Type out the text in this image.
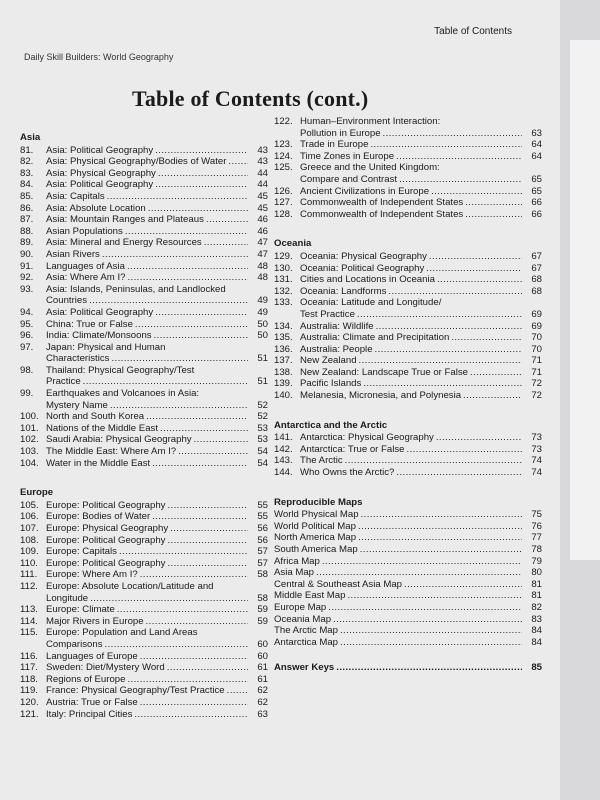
Table of Contents
Daily Skill Builders: World Geography
Table of Contents (cont.)
Asia
81.	Asia: Political Geography .....	43
82.	Asia: Physical Geography/Bodies of Water .....	43
83.	Asia: Physical Geography .....	44
84.	Asia: Political Geography .....	44
85.	Asia: Capitals .....	45
86.	Asia: Absolute Location .....	45
87.	Asia: Mountain Ranges and Plateaus .....	46
88.	Asian Populations .....	46
89.	Asia: Mineral and Energy Resources .....	47
90.	Asian Rivers .....	47
91.	Languages of Asia .....	48
92.	Asia: Where Am I? .....	48
93.	Asia: Islands, Peninsulas, and Landlocked
Countries .....	49
94.	Asia: Political Geography .....	49
95.	China: True or False .....	50
96.	India: Climate/Monsoons .....	50
97.	Japan: Physical and Human
Characteristics .....	51
98.	Thailand: Physical Geography/Test
Practice .....	51
99.	Earthquakes and Volcanoes in Asia:
Mystery Name .....	52
100. North and South Korea .....	52
101. Nations of the Middle East .....	53
102. Saudi Arabia: Physical Geography .....	53
103. The Middle East: Where Am I? .....	54
104. Water in the Middle East .....	54
Europe
105. Europe: Political Geography .....	55
106. Europe: Bodies of Water .....	55
107. Europe: Physical Geography .....	56
108. Europe: Political Geography .....	56
109. Europe: Capitals .....	57
110. Europe: Political Geography .....	57
111. Europe: Where Am I? .....	58
112. Europe: Absolute Location/Latitude and
Longitude .....	58
113. Europe: Climate .....	59
114. Major Rivers in Europe .....	59
115. Europe: Population and Land Areas
Comparisons .....	60
116. Languages of Europe .....	60
117. Sweden: Diet/Mystery Word .....	61
118. Regions of Europe .....	61
119. France: Physical Geography/Test Practice .....	62
120. Austria: True or False .....	62
121. Italy: Principal Cities .....	63
122. Human–Environment Interaction:
Pollution in Europe .....	63
123. Trade in Europe .....	64
124. Time Zones in Europe .....	64
125. Greece and the United Kingdom:
Compare and Contrast .....	65
126. Ancient Civilizations in Europe .....	65
127. Commonwealth of Independent States .....	66
128. Commonwealth of Independent States .....	66
Oceania
129. Oceania: Physical Geography .....	67
130. Oceania: Political Geography .....	67
131. Cities and Locations in Oceania .....	68
132. Oceania: Landforms .....	68
133. Oceania: Latitude and Longitude/
Test Practice .....	69
134. Australia: Wildlife .....	69
135. Australia: Climate and Precipitation .....	70
136. Australia: People .....	70
137. New Zealand .....	71
138. New Zealand: Landscape True or False .....	71
139. Pacific Islands .....	72
140. Melanesia, Micronesia, and Polynesia .....	72
Antarctica and the Arctic
141. Antarctica: Physical Geography .....	73
142. Antarctica: True or False .....	73
143. The Arctic .....	74
144. Who Owns the Arctic? .....	74
Reproducible Maps
World Physical Map .....	75
World Political Map .....	76
North America Map .....	77
South America Map .....	78
Africa Map .....	79
Asia Map .....	80
Central & Southeast Asia Map .....	81
Middle East Map .....	81
Europe Map .....	82
Oceania Map .....	83
The Arctic Map .....	84
Antarctica Map .....	84
Answer Keys .....	85
